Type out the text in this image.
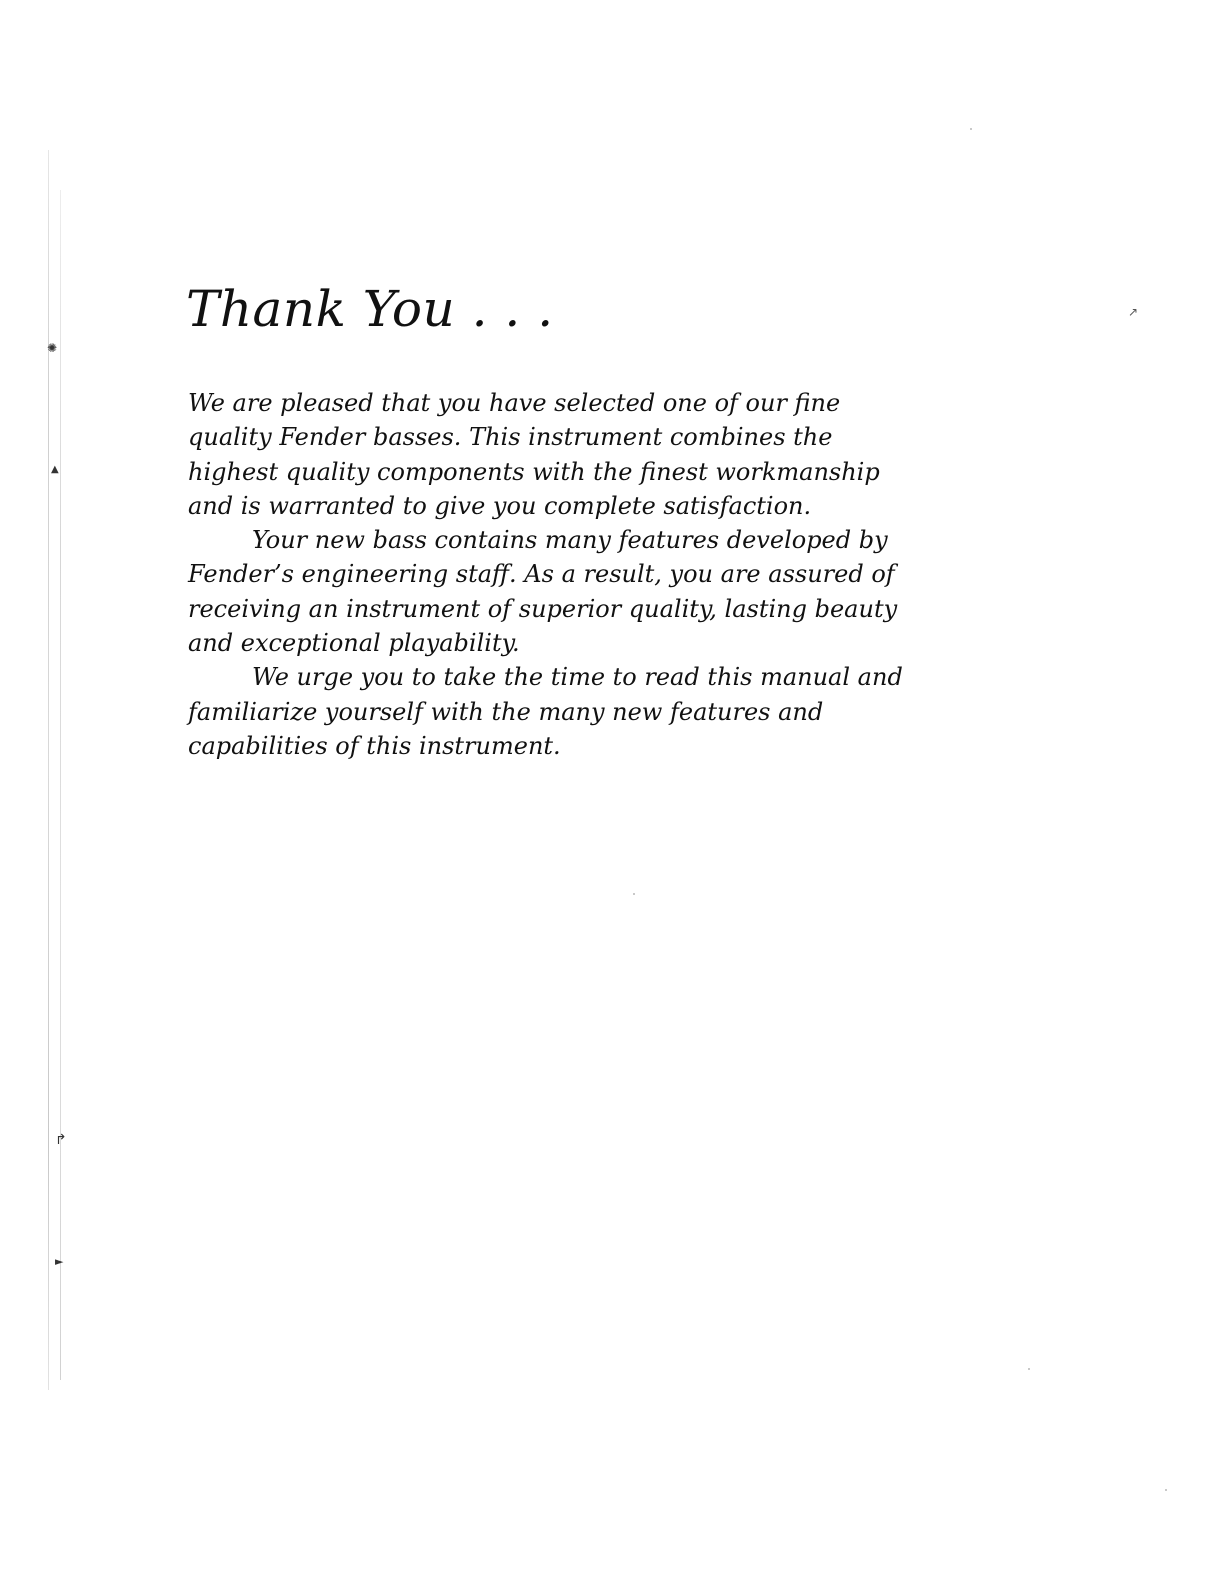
✺
▲
↱
►
↗
Thank You . . .
We are pleased that you have selected one of our fine
quality Fender basses. This instrument combines the
highest quality components with the finest workmanship
and is warranted to give you complete satisfaction.
Your new bass contains many features developed by
Fender’s engineering staff. As a result, you are assured of
receiving an instrument of superior quality, lasting beauty
and exceptional playability.
We urge you to take the time to read this manual and
familiarize yourself with the many new features and
capabilities of this instrument.
